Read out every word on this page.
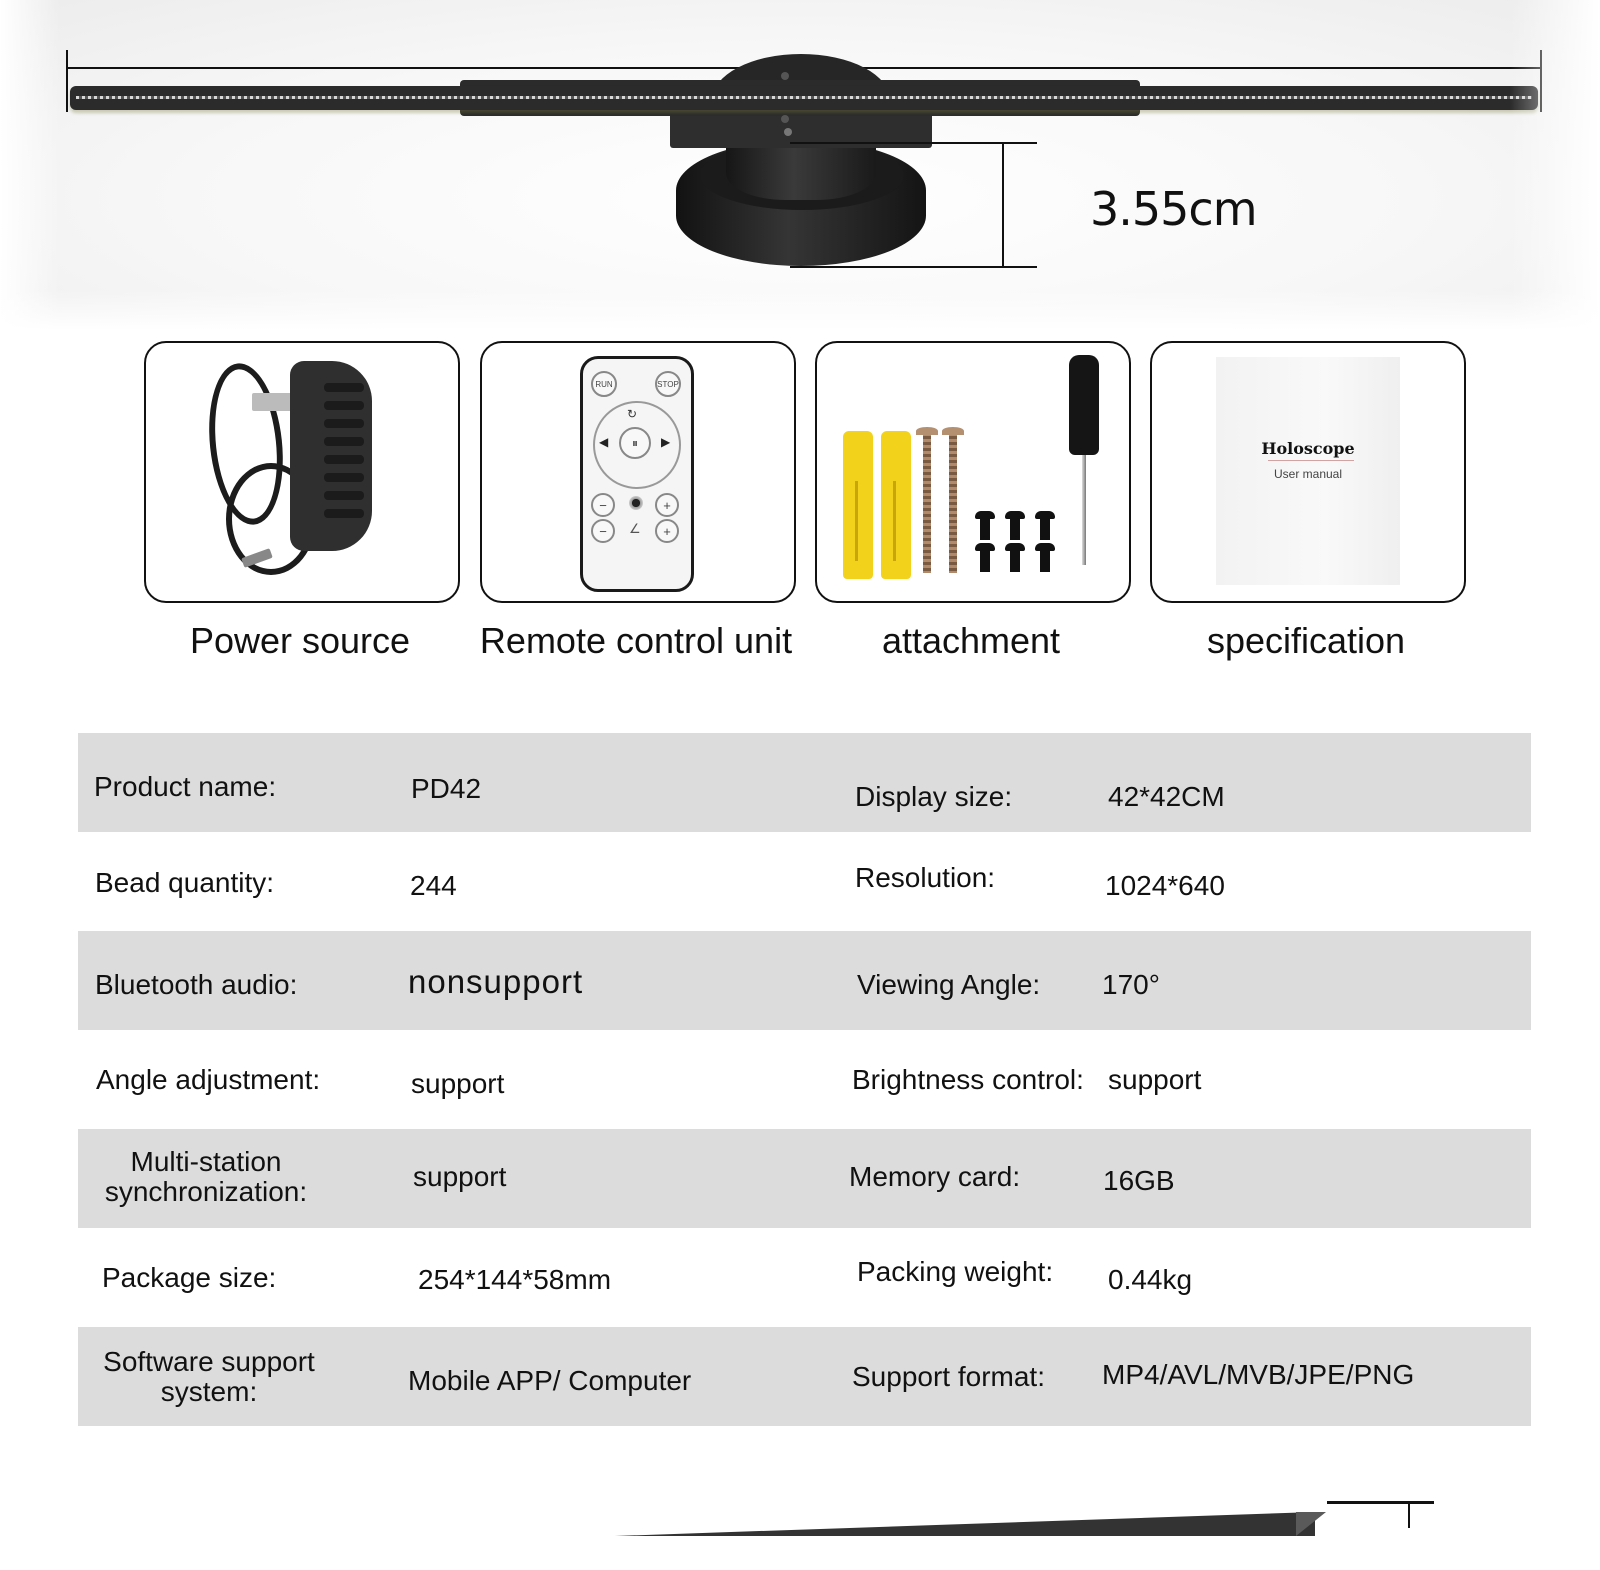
3.55cm
Power source
RUN	STOP
↻
◀	⏸	▶
−	+
−	∠	+
Remote control unit	attachment
Holoscope
User manual
specification
Product name:	PD42	Display size:	42*42CM
Bead quantity:	244	Resolution:	1024*640
Bluetooth audio:	nonsupport	Viewing Angle: 170°
Angle adjustment:	support	Brightness control: support
Multi-station synchronization:	support	Memory card:	16GB
Package size:	254*144*58mm	Packing weight: 0.44kg
Software support system:	Mobile APP/ Computer	Support format: MP4/AVL/MVB/JPE/PNG
